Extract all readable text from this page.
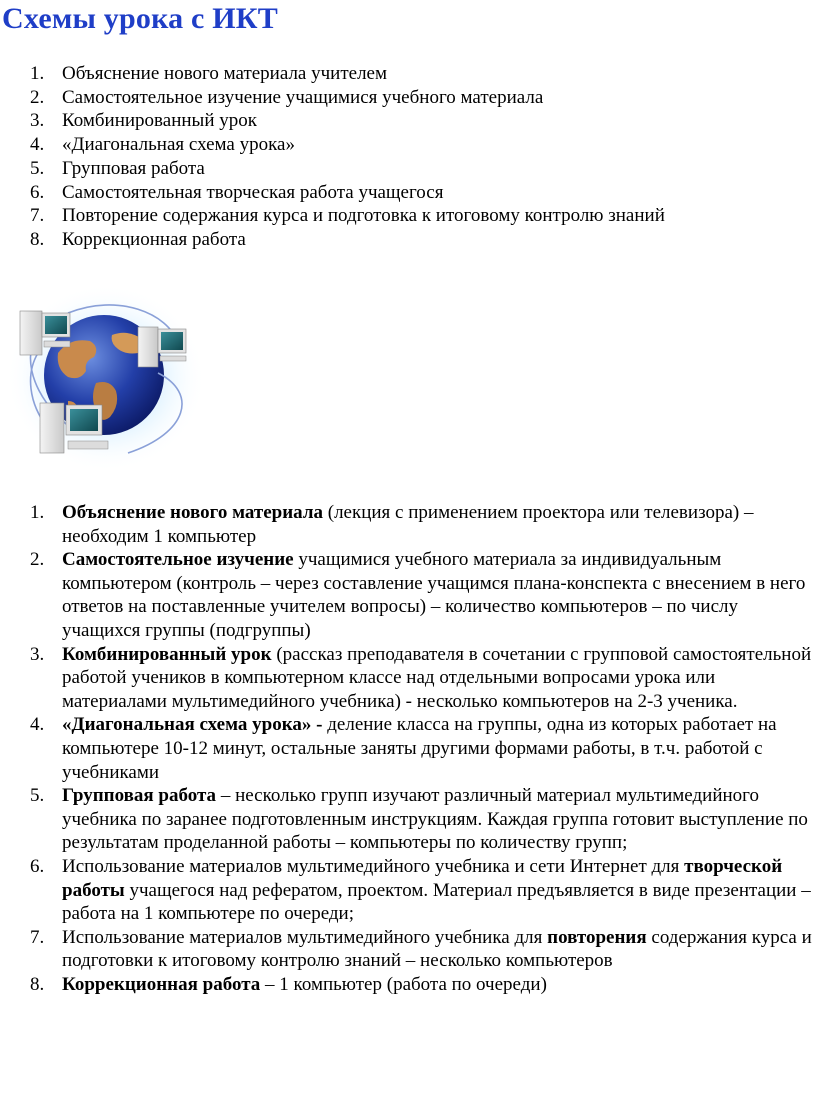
Схемы урока с ИКТ
1. Объяснение нового материала учителем
2. Самостоятельное изучение учащимися учебного материала
3. Комбинированный урок
4. «Диагональная схема урока»
5. Групповая работа
6. Самостоятельная творческая работа учащегося
7. Повторение содержания курса и подготовка к итоговому контролю знаний
8. Коррекционная работа
1. Объяснение нового материала (лекция с применением проектора или телевизора) – необходим 1 компьютер
2. Самостоятельное изучение учащимися учебного материала за индивидуальным компьютером (контроль – через составление учащимся плана-конспекта с внесением в него ответов на поставленные учителем вопросы) – количество компьютеров – по числу учащихся группы (подгруппы)
3. Комбинированный урок (рассказ преподавателя в сочетании с групповой самостоятельной работой учеников в компьютерном классе над отдельными вопросами урока или материалами мультимедийного учебника) - несколько компьютеров на 2-3 ученика.
4. «Диагональная схема урока» - деление класса на группы, одна из которых работает на компьютере 10-12 минут, остальные заняты другими формами работы, в т.ч. работой с учебниками
5. Групповая работа – несколько групп изучают различный материал мультимедийного учебника по заранее подготовленным инструкциям. Каждая группа готовит выступление по результатам проделанной работы – компьютеры по количеству групп;
6. Использование материалов мультимедийного учебника и сети Интернет для творческой работы учащегося над рефератом, проектом. Материал предъявляется в виде презентации – работа на 1 компьютере по очереди;
7. Использование материалов мультимедийного учебника для повторения содержания курса и подготовки к итоговому контролю знаний – несколько компьютеров
8. Коррекционная работа – 1 компьютер (работа по очереди)
